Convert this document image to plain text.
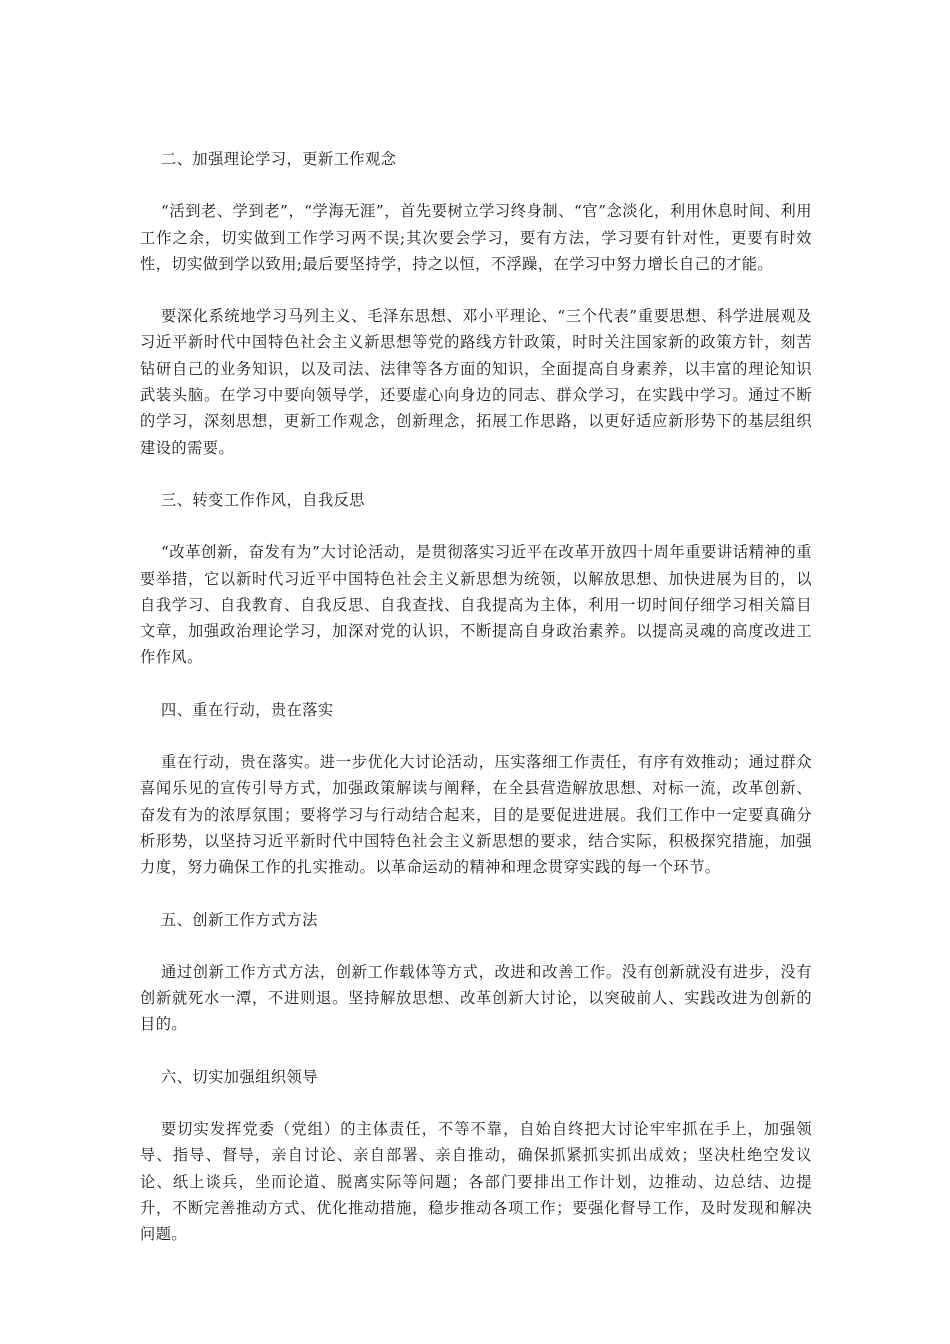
二、加强理论学习，更新工作观念
“活到老、学到老”，“学海无涯”，首先要树立学习终身制、“官”念淡化，利用休息时间、利用工作之余，切实做到工作学习两不误;其次要会学习，要有方法，学习要有针对性，更要有时效性，切实做到学以致用;最后要坚持学，持之以恒，不浮躁，在学习中努力增长自己的才能。
要深化系统地学习马列主义、毛泽东思想、邓小平理论、“三个代表”重要思想、科学进展观及习近平新时代中国特色社会主义新思想等党的路线方针政策，时时关注国家新的政策方针，刻苦钻研自己的业务知识，以及司法、法律等各方面的知识，全面提高自身素养，以丰富的理论知识武装头脑。在学习中要向领导学，还要虚心向身边的同志、群众学习，在实践中学习。通过不断的学习，深刻思想，更新工作观念，创新理念，拓展工作思路，以更好适应新形势下的基层组织建设的需要。
三、转变工作作风，自我反思
“改革创新，奋发有为”大讨论活动，是贯彻落实习近平在改革开放四十周年重要讲话精神的重要举措，它以新时代习近平中国特色社会主义新思想为统领，以解放思想、加快进展为目的，以自我学习、自我教育、自我反思、自我查找、自我提高为主体，利用一切时间仔细学习相关篇目文章，加强政治理论学习，加深对党的认识，不断提高自身政治素养。以提高灵魂的高度改进工作作风。
四、重在行动，贵在落实
重在行动，贵在落实。进一步优化大讨论活动，压实落细工作责任，有序有效推动；通过群众喜闻乐见的宣传引导方式，加强政策解读与阐释，在全县营造解放思想、对标一流，改革创新、奋发有为的浓厚氛围；要将学习与行动结合起来，目的是要促进进展。我们工作中一定要真确分析形势，以坚持习近平新时代中国特色社会主义新思想的要求，结合实际，积极探究措施，加强力度，努力确保工作的扎实推动。以革命运动的精神和理念贯穿实践的每一个环节。
五、创新工作方式方法
通过创新工作方式方法，创新工作载体等方式，改进和改善工作。没有创新就没有进步，没有创新就死水一潭，不进则退。坚持解放思想、改革创新大讨论，以突破前人、实践改进为创新的目的。
六、切实加强组织领导
要切实发挥党委（党组）的主体责任，不等不靠，自始自终把大讨论牢牢抓在手上，加强领导、指导、督导，亲自讨论、亲自部署、亲自推动，确保抓紧抓实抓出成效；坚决杜绝空发议论、纸上谈兵，坐而论道、脱离实际等问题；各部门要排出工作计划，边推动、边总结、边提升，不断完善推动方式、优化推动措施，稳步推动各项工作；要强化督导工作，及时发现和解决问题。
